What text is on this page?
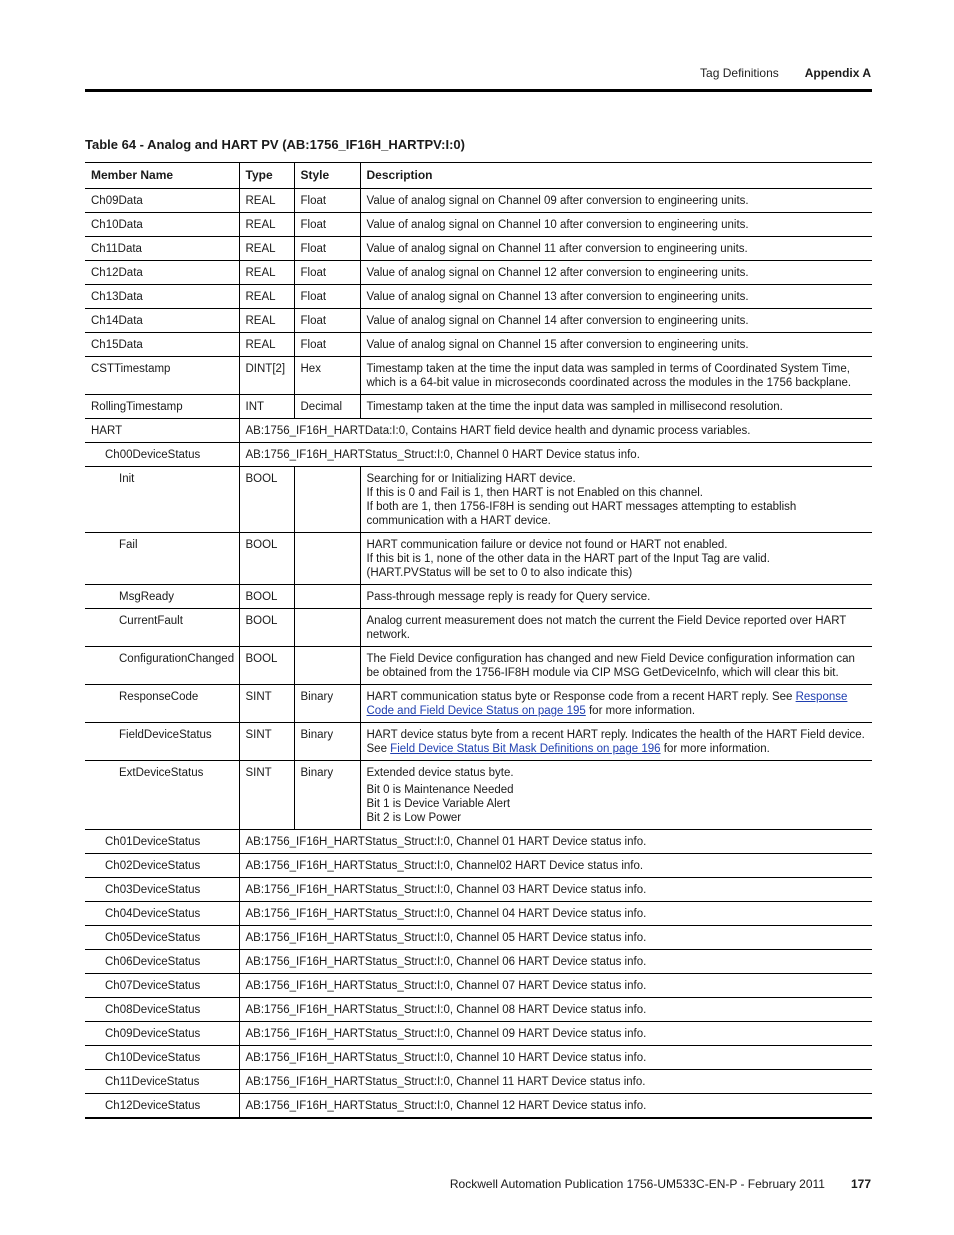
Tag Definitions Appendix A
Table 64 - Analog and HART PV (AB:1756_IF16H_HARTPV:I:0)
Member Name	Type	Style	Description
Ch09Data	REAL	Float	Value of analog signal on Channel 09 after conversion to engineering units.
Ch10Data	REAL	Float	Value of analog signal on Channel 10 after conversion to engineering units.
Ch11Data	REAL	Float	Value of analog signal on Channel 11 after conversion to engineering units.
Ch12Data	REAL	Float	Value of analog signal on Channel 12 after conversion to engineering units.
Ch13Data	REAL	Float	Value of analog signal on Channel 13 after conversion to engineering units.
Ch14Data	REAL	Float	Value of analog signal on Channel 14 after conversion to engineering units.
Ch15Data	REAL	Float	Value of analog signal on Channel 15 after conversion to engineering units.
CSTTimestamp	DINT[2]	Hex	Timestamp taken at the time the input data was sampled in terms of Coordinated System Time, which is a 64-bit value in microseconds coordinated across the modules in the 1756 backplane.
RollingTimestamp	INT	Decimal	Timestamp taken at the time the input data was sampled in millisecond resolution.
HART	AB:1756_IF16H_HARTData:I:0, Contains HART field device health and dynamic process variables.		
Ch00DeviceStatus	AB:1756_IF16H_HARTStatus_Struct:I:0, Channel 0 HART Device status info.		
Init	BOOL		Searching for or Initializing HART device.
If this is 0 and Fail is 1, then HART is not Enabled on this channel.
If both are 1, then 1756-IF8H is sending out HART messages attempting to establish communication with a HART device.

Fail	BOOL		HART communication failure or device not found or HART not enabled.
If this bit is 1, none of the other data in the HART part of the Input Tag are valid.
(HART.PVStatus will be set to 0 to also indicate this)

MsgReady	BOOL		Pass-through message reply is ready for Query service.
CurrentFault	BOOL		Analog current measurement does not match the current the Field Device reported over HART network.
ConfigurationChanged	BOOL		The Field Device configuration has changed and new Field Device configuration information can be obtained from the 1756-IF8H module via CIP MSG GetDeviceInfo, which will clear this bit.
ResponseCode	SINT	Binary	HART communication status byte or Response code from a recent HART reply. See Response Code and Field Device Status on page 195 for more information.
FieldDeviceStatus	SINT	Binary	HART device status byte from a recent HART reply. Indicates the health of the HART Field device. See Field Device Status Bit Mask Definitions on page 196 for more information.
ExtDeviceStatus	SINT	Binary	Extended device status byte.
Bit 0 is Maintenance Needed
Bit 1 is Device Variable Alert
Bit 2 is Low Power

Ch01DeviceStatus	AB:1756_IF16H_HARTStatus_Struct:I:0, Channel 01 HART Device status info.		
Ch02DeviceStatus	AB:1756_IF16H_HARTStatus_Struct:I:0, Channel02 HART Device status info.		
Ch03DeviceStatus	AB:1756_IF16H_HARTStatus_Struct:I:0, Channel 03 HART Device status info.		
Ch04DeviceStatus	AB:1756_IF16H_HARTStatus_Struct:I:0, Channel 04 HART Device status info.		
Ch05DeviceStatus	AB:1756_IF16H_HARTStatus_Struct:I:0, Channel 05 HART Device status info.		
Ch06DeviceStatus	AB:1756_IF16H_HARTStatus_Struct:I:0, Channel 06 HART Device status info.		
Ch07DeviceStatus	AB:1756_IF16H_HARTStatus_Struct:I:0, Channel 07 HART Device status info.		
Ch08DeviceStatus	AB:1756_IF16H_HARTStatus_Struct:I:0, Channel 08 HART Device status info.		
Ch09DeviceStatus	AB:1756_IF16H_HARTStatus_Struct:I:0, Channel 09 HART Device status info.		
Ch10DeviceStatus	AB:1756_IF16H_HARTStatus_Struct:I:0, Channel 10 HART Device status info.		
Ch11DeviceStatus	AB:1756_IF16H_HARTStatus_Struct:I:0, Channel 11 HART Device status info.		
Ch12DeviceStatus	AB:1756_IF16H_HARTStatus_Struct:I:0, Channel 12 HART Device status info.		
Rockwell Automation Publication 1756-UM533C-EN-P - February 2011 177
